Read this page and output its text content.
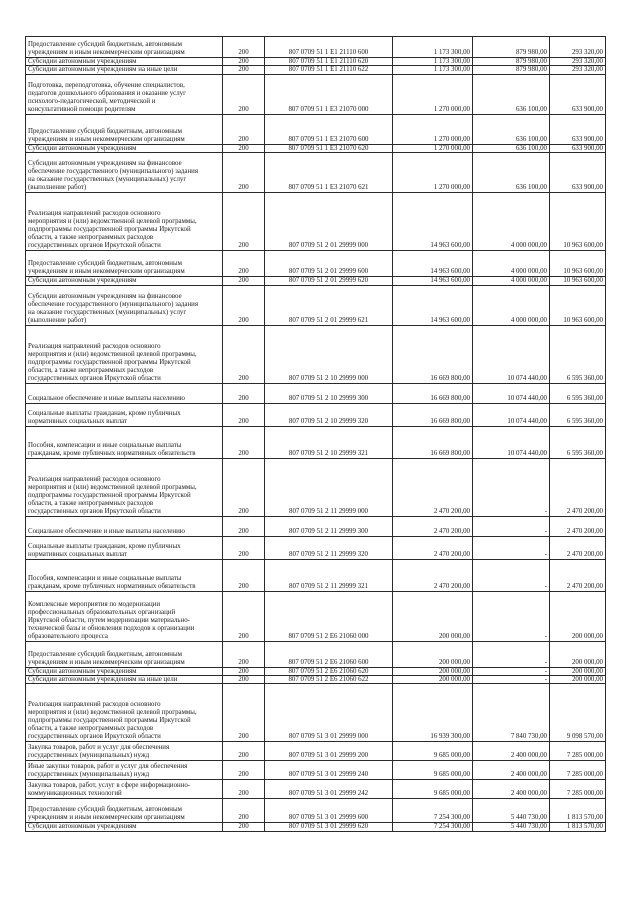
Предоставление субсидий бюджетным, автономным
учреждениям и иным некоммерческим организациям	200	807 0709 51 1 Е1 21110 600	1 173 300,00	879 980,00	293 320,00
Субсидии автономным учреждениям	200	807 0709 51 1 Е1 21110 620	1 173 300,00	879 980,00	293 320,00
Субсидии автономным учреждениям на иные цели	200	807 0709 51 1 Е1 21110 622	1 173 300,00	879 980,00	293 320,00
Подготовка, переподготовка, обучение специалистов,
педагогов дошкольного образования и оказание услуг
психолого-педагогической, методической и
консультативной помощи родителям	200	807 0709 51 1 Е3 21070 000	1 270 000,00	636 100,00	633 900,00
Предоставление субсидий бюджетным, автономным
учреждениям и иным некоммерческим организациям	200	807 0709 51 1 Е3 21070 600	1 270 000,00	636 100,00	633 900,00
Субсидии автономным учреждениям	200	807 0709 51 1 Е3 21070 620	1 270 000,00	636 100,00	633 900,00
Субсидии автономным учреждениям на финансовое
обеспечение государственного (муниципального) задания
на оказание государственных (муниципальных) услуг
(выполнение работ)	200	807 0709 51 1 Е3 21070 621	1 270 000,00	636 100,00	633 900,00
Реализация направлений расходов основного
мероприятия и (или) ведомственной целевой программы,
подпрограммы государственной программы Иркутской
области, а также непрограммных расходов
государственных органов Иркутской области	200	807 0709 51 2 01 29999 000	14 963 600,00	4 000 000,00	10 963 600,00
Предоставление субсидий бюджетным, автономным
учреждениям и иным некоммерческим организациям	200	807 0709 51 2 01 29999 600	14 963 600,00	4 000 000,00	10 963 600,00
Субсидии автономным учреждениям	200	807 0709 51 2 01 29999 620	14 963 600,00	4 000 000,00	10 963 600,00
Субсидии автономным учреждениям на финансовое
обеспечение государственного (муниципального) задания
на оказание государственных (муниципальных) услуг
(выполнение работ)	200	807 0709 51 2 01 29999 621	14 963 600,00	4 000 000,00	10 963 600,00
Реализация направлений расходов основного
мероприятия и (или) ведомственной целевой программы,
подпрограммы государственной программы Иркутской
области, а также непрограммных расходов
государственных органов Иркутской области	200	807 0709 51 2 10 29999 000	16 669 800,00	10 074 440,00	6 595 360,00
Социальное обеспечение и иные выплаты населению	200	807 0709 51 2 10 29999 300	16 669 800,00	10 074 440,00	6 595 360,00
Социальные выплаты гражданам, кроме публичных
нормативных социальных выплат	200	807 0709 51 2 10 29999 320	16 669 800,00	10 074 440,00	6 595 360,00
Пособия, компенсации и иные социальные выплаты
гражданам, кроме публичных нормативных обязательств	200	807 0709 51 2 10 29999 321	16 669 800,00	10 074 440,00	6 595 360,00
Реализация направлений расходов основного
мероприятия и (или) ведомственной целевой программы,
подпрограммы государственной программы Иркутской
области, а также непрограммных расходов
государственных органов Иркутской области	200	807 0709 51 2 11 29999 000	2 470 200,00	-	2 470 200,00
Социальное обеспечение и иные выплаты населению	200	807 0709 51 2 11 29999 300	2 470 200,00	-	2 470 200,00
Социальные выплаты гражданам, кроме публичных
нормативных социальных выплат	200	807 0709 51 2 11 29999 320	2 470 200,00	-	2 470 200,00
Пособия, компенсации и иные социальные выплаты
гражданам, кроме публичных нормативных обязательств	200	807 0709 51 2 11 29999 321	2 470 200,00	-	2 470 200,00
Комплексные мероприятия по модернизации
профессиональных образовательных организаций
Иркутской области, путем модернизации материально-
технической базы и обновления подходов к организации
образовательного процесса	200	807 0709 51 2 Е6 21060 000	200 000,00	-	200 000,00
Предоставление субсидий бюджетным, автономным
учреждениям и иным некоммерческим организациям	200	807 0709 51 2 Е6 21060 600	200 000,00	-	200 000,00
Субсидии автономным учреждениям	200	807 0709 51 2 Е6 21060 620	200 000,00	-	200 000,00
Субсидии автономным учреждениям на иные цели	200	807 0709 51 2 Е6 21060 622	200 000,00	-	200 000,00
Реализация направлений расходов основного
мероприятия и (или) ведомственной целевой программы,
подпрограммы государственной программы Иркутской
области, а также непрограммных расходов
государственных органов Иркутской области	200	807 0709 51 3 01 29999 000	16 939 300,00	7 840 730,00	9 098 570,00
Закупка товаров, работ и услуг для обеспечения
государственных (муниципальных) нужд	200	807 0709 51 3 01 29999 200	9 685 000,00	2 400 000,00	7 285 000,00
Иные закупки товаров, работ и услуг для обеспечения
государственных (муниципальных) нужд	200	807 0709 51 3 01 29999 240	9 685 000,00	2 400 000,00	7 285 000,00
Закупка товаров, работ, услуг в сфере информационно-
коммуникационных технологий	200	807 0709 51 3 01 29999 242	9 685 000,00	2 400 000,00	7 285 000,00
Предоставление субсидий бюджетным, автономным
учреждениям и иным некоммерческим организациям	200	807 0709 51 3 01 29999 600	7 254 300,00	5 440 730,00	1 813 570,00
Субсидии автономным учреждениям	200	807 0709 51 3 01 29999 620	7 254 300,00	5 440 730,00	1 813 570,00
